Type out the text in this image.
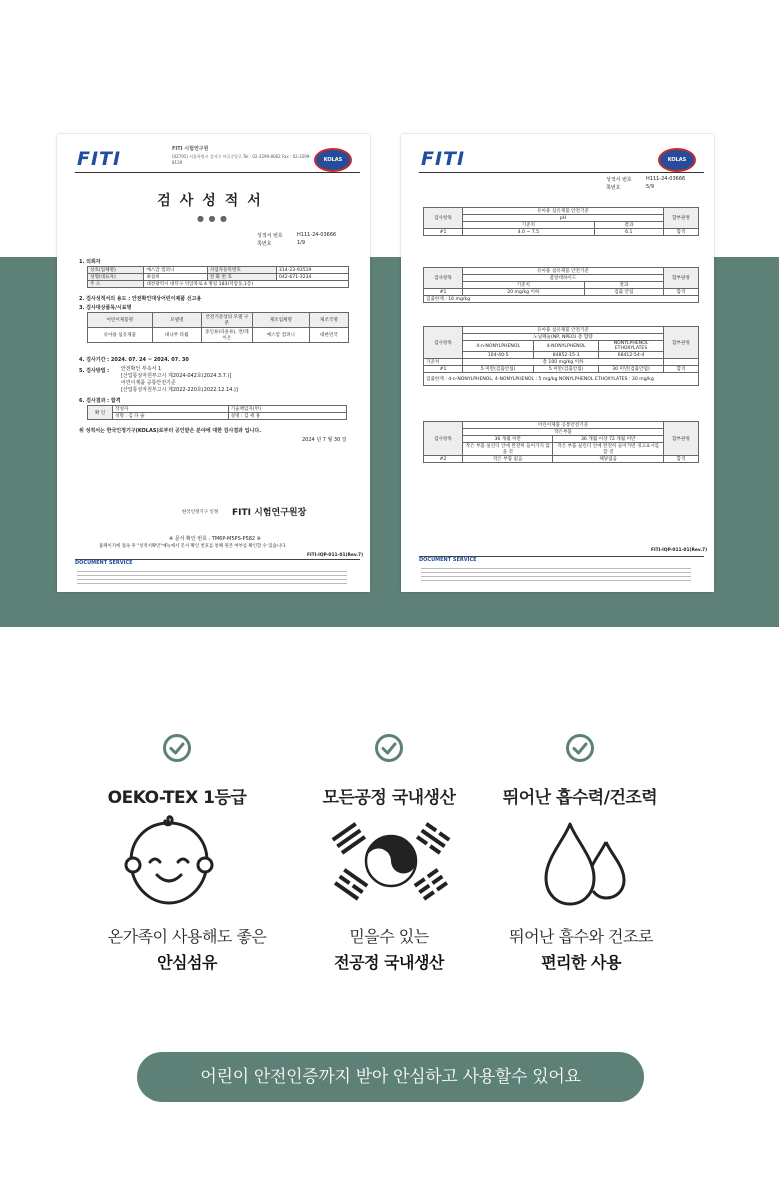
FITI	FITI 시험연구원
(02791) 서울특별시 강서구 마곡중앙로 Tel : 02-3299-8062 Fax : 02-3299-8129	KOLAS
검사성적서
● ● ●
성적서 번호	H111-24-03666
쪽번호	1/9
1. 의뢰자
상호(업체명)	예스맘 컴퍼니	사업자등록번호	314-23-93519
성명(대표자)	최실희	전 화 번 호	042-671-3234
주 소	대전광역시 대덕구 덕암북로 4 병길 183(덕암동,1층)		
2. 검사성적서의 용도 : 안전확인대상어린이제품 신고용
3. 검사대상품목/시료명
어린이제품명	모델명	안전기준상의 모델 구분	제조업체명	제조국명
유아용 섬유제품	대나무 타월	중인류(타올류), 면/레이온	예스맘 컴퍼니	대한민국
4. 검사기간 : 2024. 07. 24 ~ 2024. 07. 30
5. 검사방법 : 안전확인 부속서 1
[산업통상자원부고시 제2024-042호(2024.3.7.)]
어린이제품 공통안전기준
[산업통상자원부고시 제2022-220호(2022.12.14.)]
6. 검사결과 : 합격
확 인	작성자	기술책임자(甲)
	성명 : 김 다 슬	성명 : 김 세 홍
위 성적서는 한국인정기구(KOLAS)로부터 공인받은 분야에 대한 검사결과 입니다.
2024 년 7 월 30 일
한국인정기구 인정 FITI 시험연구원장
※ 문서 확인 번호 : TM6P-M5PS-P582 ※
홈페이지에 접속 후 "성적서확인"메뉴에서 문서 확인 번호를 통해 원본 여부를 확인할 수 있습니다.
FITI-IQP-011-01(Rev.7)
DOCUMENT SERVICE
FITI	KOLAS
성적서 번호	H111-24-03666
쪽번호	5/9
검사항목	유아용 섬유제품 안전기준		합부판정
	pH		
	기준치	결과	
#1	4.0 ~ 7.5	6.1	합격
검사항목	유아용 섬유제품 안전기준		합부판정
	폼알데하이드		
	기준치	결과	
#1	20 mg/kg 이하	검출 안됨	합격
검출한계 : 16 mg/kg			
검사항목	유아용 섬유제품 안전기준			합부판정
	노닐페놀(NP, NPEO) 총 함량			
	4-n-NONYLPHENOL	4-NONYLPHENOL	NONYLPHENOL ETHOXYLATES	
	104-40-5	84852-15-3	68412-54-4	
기준치	총 100 mg/kg 이하			
#1	5 미만(검출안됨)	5 미만(검출안됨)	30 미만(검출안됨)	합격
검출한계 : 4-n-NONYLPHENOL, 4-NONYLPHENOL : 5 mg/kg NONYLPHENOL ETHOXYLATES : 30 mg/kg				
검사항목	어린이제품 공통안전기준		합부판정
	작은부품		
	36 개월 미만	36 개월 이상 72 개월 미만	
	작은 부품 실린더 안에 완전히 들어가지 않을 것	작은 부품 실린더 안에 완전히 들어가면 경고표시를 할 것	
#2	작은 부품 없음	해당없음	합격
FITI-IQP-011-01(Rev.7)
DOCUMENT SERVICE
OEKO-TEX 1등급	모든공정 국내생산	뛰어난 흡수력/건조력
온가족이 사용해도 좋은
안심섬유
믿을수 있는
전공정 국내생산
뛰어난 흡수와 건조로
편리한 사용
어린이 안전인증까지 받아 안심하고 사용할수 있어요
